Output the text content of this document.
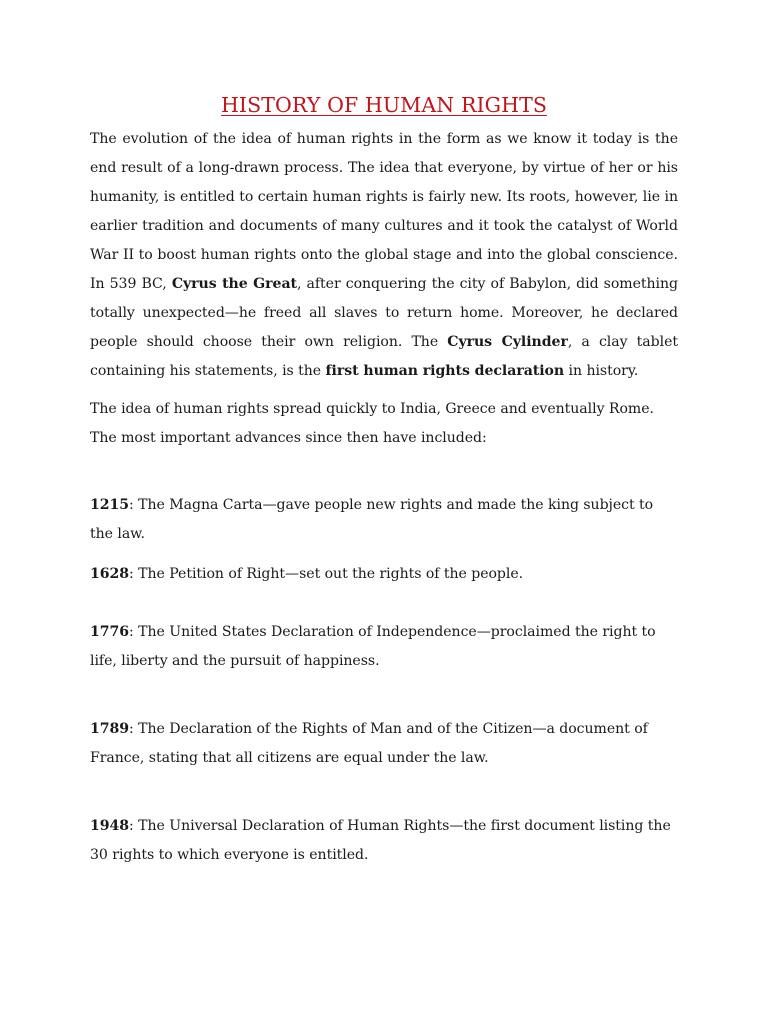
HISTORY OF HUMAN RIGHTS

The evolution of the idea of human rights in the form as we know it today is the end result of a long-drawn process. The idea that everyone, by virtue of her or his humanity, is entitled to certain human rights is fairly new. Its roots, however, lie in earlier tradition and documents of many cultures and it took the catalyst of World War II to boost human rights onto the global stage and into the global conscience. In 539 BC, Cyrus the Great, after conquering the city of Babylon, did something totally unexpected—he freed all slaves to return home. Moreover, he declared people should choose their own religion. The Cyrus Cylinder, a clay tablet containing his statements, is the first human rights declaration in history.

The idea of human rights spread quickly to India, Greece and eventually Rome. The most important advances since then have included:

1215: The Magna Carta—gave people new rights and made the king subject to the law.

1628: The Petition of Right—set out the rights of the people.

1776: The United States Declaration of Independence—proclaimed the right to life, liberty and the pursuit of happiness.

1789: The Declaration of the Rights of Man and of the Citizen—a document of France, stating that all citizens are equal under the law.

1948: The Universal Declaration of Human Rights—the first document listing the 30 rights to which everyone is entitled.
